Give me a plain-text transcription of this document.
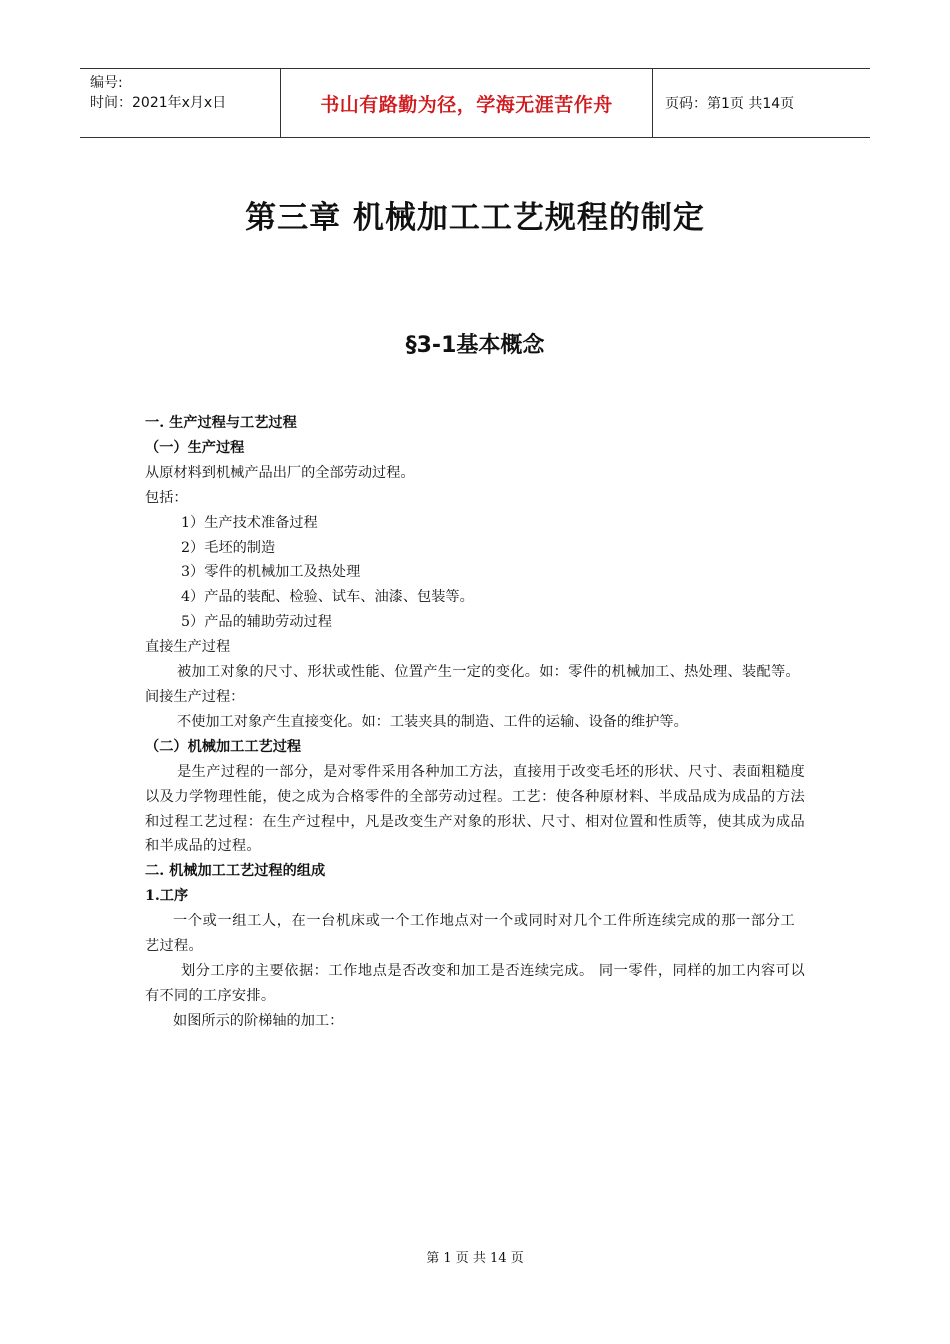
编号:
时间：2021年x月x日	书山有路勤为径，学海无涯苦作舟	页码：第1页 共14页
第三章 机械加工工艺规程的制定
§3-1基本概念
一. 生产过程与工艺过程
（一）生产过程
从原材料到机械产品出厂的全部劳动过程。
包括：
1）生产技术准备过程
2）毛坯的制造
3）零件的机械加工及热处理
4）产品的装配、检验、试车、油漆、包装等。
5）产品的辅助劳动过程
直接生产过程
被加工对象的尺寸、形状或性能、位置产生一定的变化。如：零件的机械加工、热处理、装配等。
间接生产过程：
不使加工对象产生直接变化。如：工装夹具的制造、工件的运输、设备的维护等。
（二）机械加工工艺过程
是生产过程的一部分，是对零件采用各种加工方法，直接用于改变毛坯的形状、尺寸、表面粗糙度以及力学物理性能，使之成为合格零件的全部劳动过程。工艺：使各种原材料、半成品成为成品的方法和过程工艺过程：在生产过程中，凡是改变生产对象的形状、尺寸、相对位置和性质等，使其成为成品和半成品的过程。
二. 机械加工工艺过程的组成
1.工序
一个或一组工人，在一台机床或一个工作地点对一个或同时对几个工件所连续完成的那一部分工艺过程。
划分工序的主要依据：工作地点是否改变和加工是否连续完成。 同一零件，同样的加工内容可以有不同的工序安排。
如图所示的阶梯轴的加工：
第 1 页 共 14 页
